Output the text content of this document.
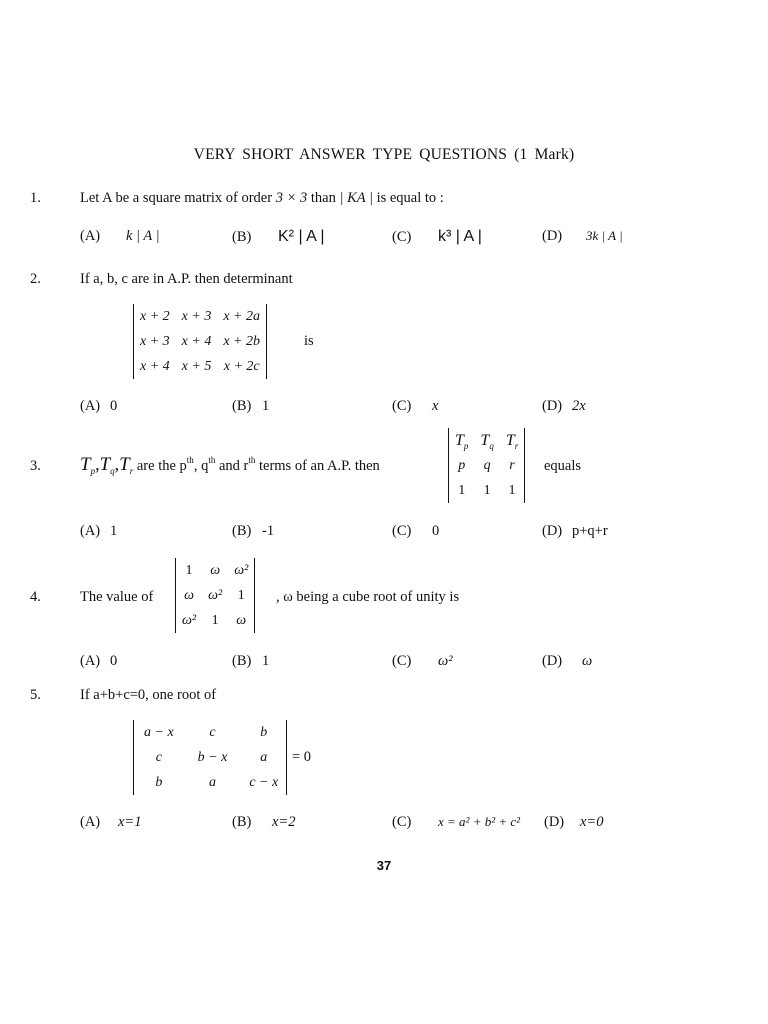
VERY SHORT ANSWER TYPE QUESTIONS (1 Mark)
1.	Let A be a square matrix of order 3 × 3 than | KA | is equal to :
(A) k | A |	(B) K² | A |	(C) k³ | A |	(D) 3k | A |
2.	If a, b, c are in A.P. then determinant
x + 2	x + 3	x + 2a
x + 3	x + 4	x + 2b
x + 4	x + 5	x + 2c
is
(A) 0	(B) 1	(C) x	(D) 2x
3. $T_p,T_q,T_r$ are the $p^{th}$, $q^{th}$ and $r^{th}$ terms of an A.P. then
$T_p$	$T_q$	$T_r$
p	q	r
1	1	1
equals
(A) 1	(B) -1	(C) 0	(D) p+q+r
4.	The value of
1	ω	ω²
ω	ω²	1
ω²	1	ω
, ω being a cube root of unity is
(A) 0	(B) 1	(C) ω²	(D) ω
5.	If a+b+c=0, one root of
a − x	c	b
c	b − x	a
b	a	c − x
= 0
(A) x=1	(B) x=2	(C) x = a² + b² + c² (D) x=0
37
